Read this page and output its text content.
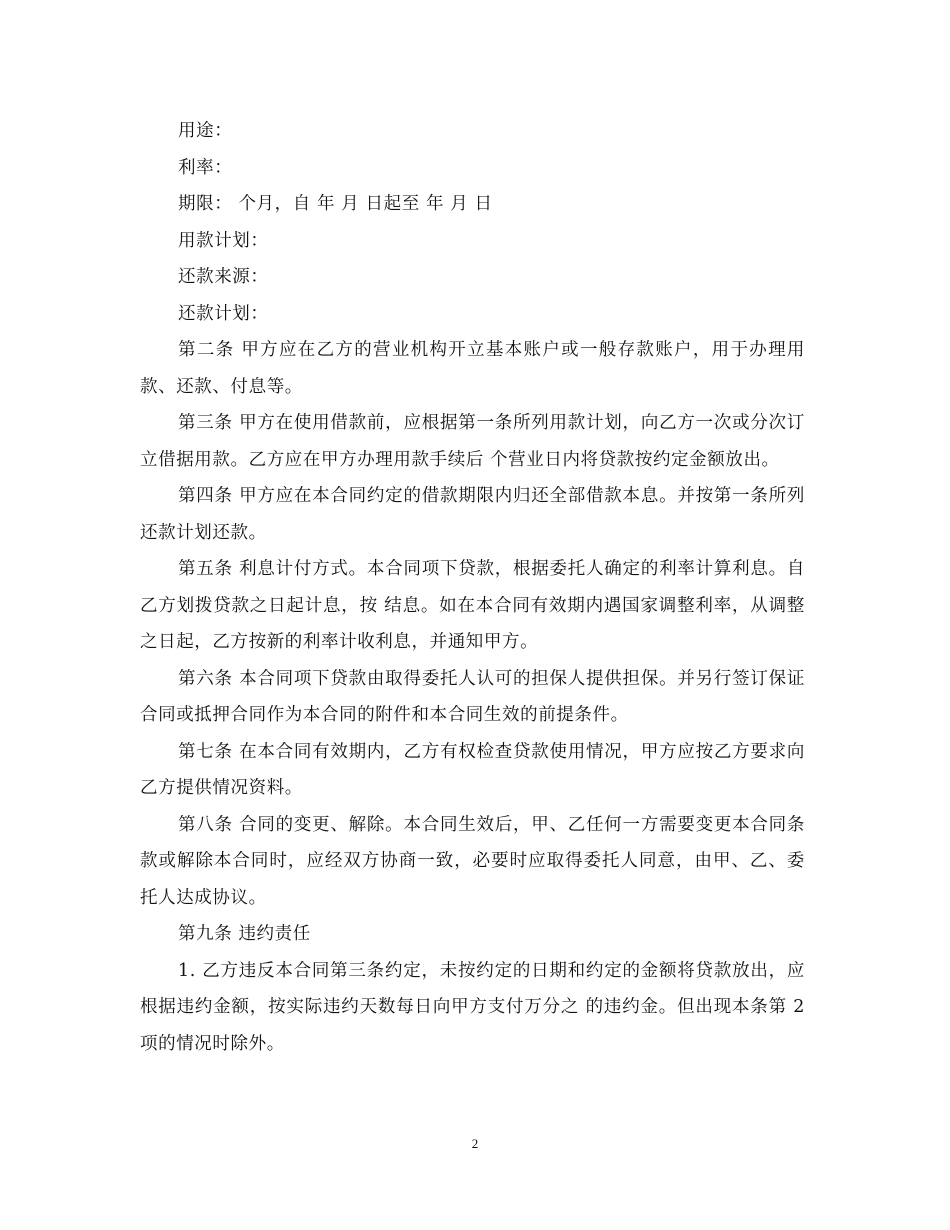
用途：

利率：

期限： 个月，自 年 月 日起至 年 月 日

用款计划：

还款来源：

还款计划：

第二条 甲方应在乙方的营业机构开立基本账户或一般存款账户，用于办理用款、还款、付息等。

第三条 甲方在使用借款前，应根据第一条所列用款计划，向乙方一次或分次订立借据用款。乙方应在甲方办理用款手续后 个营业日内将贷款按约定金额放出。

第四条 甲方应在本合同约定的借款期限内归还全部借款本息。并按第一条所列还款计划还款。

第五条 利息计付方式。本合同项下贷款，根据委托人确定的利率计算利息。自乙方划拨贷款之日起计息，按 结息。如在本合同有效期内遇国家调整利率，从调整之日起，乙方按新的利率计收利息，并通知甲方。

第六条 本合同项下贷款由取得委托人认可的担保人提供担保。并另行签订保证合同或抵押合同作为本合同的附件和本合同生效的前提条件。

第七条 在本合同有效期内，乙方有权检查贷款使用情况，甲方应按乙方要求向乙方提供情况资料。

第八条 合同的变更、解除。本合同生效后，甲、乙任何一方需要变更本合同条款或解除本合同时，应经双方协商一致，必要时应取得委托人同意，由甲、乙、委托人达成协议。

第九条 违约责任

1. 乙方违反本合同第三条约定，未按约定的日期和约定的金额将贷款放出，应根据违约金额，按实际违约天数每日向甲方支付万分之 的违约金。但出现本条第 2 项的情况时除外。

2
